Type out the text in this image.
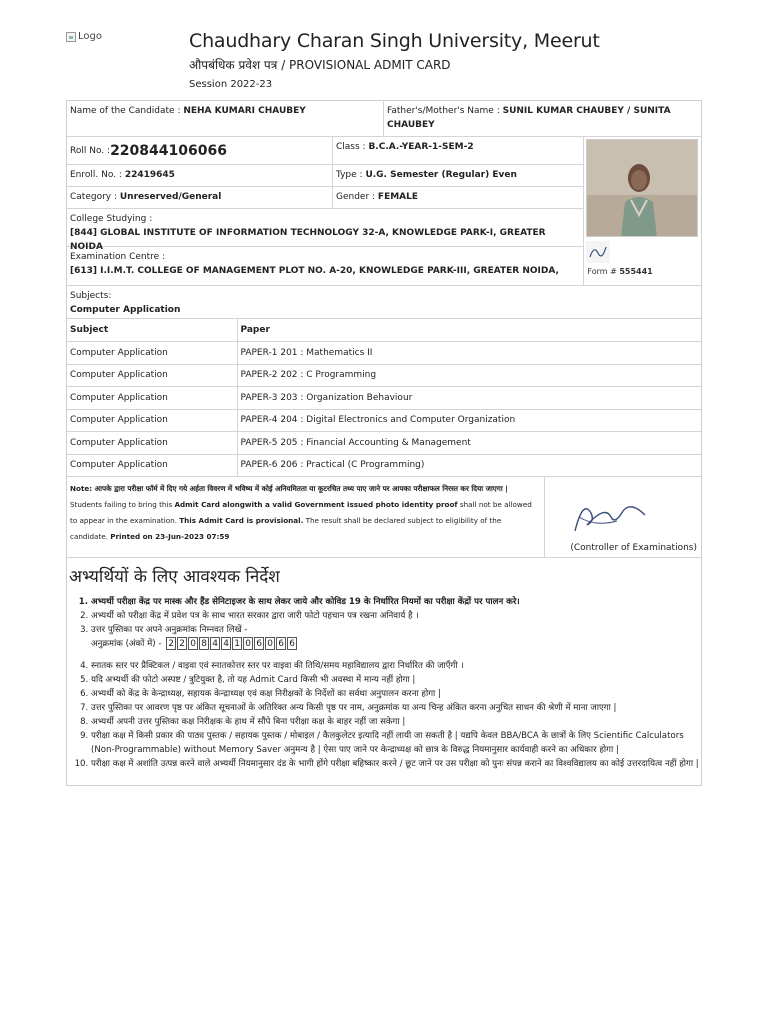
Logo	Chaudhary Charan Singh University, Meerut
औपबंधिक प्रवेश पत्र / PROVISIONAL ADMIT CARD
Session 2022-23
Name of the Candidate : NEHA KUMARI CHAUBEY	Father's/Mother's Name : SUNIL KUMAR CHAUBEY / SUNITA CHAUBEY
Roll No. : 220844106066	Class : B.C.A.-YEAR-1-SEM-2
Enroll. No. : 22419645	Type : U.G. Semester (Regular) Even
Category : Unreserved/General	Gender : FEMALE
College Studying :
[844] GLOBAL INSTITUTE OF INFORMATION TECHNOLOGY 32-A, KNOWLEDGE PARK-I, GREATER NOIDA
Examination Centre :
[613] I.I.M.T. COLLEGE OF MANAGEMENT PLOT NO. A-20, KNOWLEDGE PARK-III, GREATER NOIDA,	Form # 555441
Subjects:
Computer Application
Subject	Paper
Computer Application	PAPER-1 201 : Mathematics II
Computer Application	PAPER-2 202 : C Programming
Computer Application	PAPER-3 203 : Organization Behaviour
Computer Application	PAPER-4 204 : Digital Electronics and Computer Organization
Computer Application	PAPER-5 205 : Financial Accounting & Management
Computer Application	PAPER-6 206 : Practical (C Programming)
Note: आपके द्वारा परीक्षा फॉर्म में दिए गये अर्हता विवरण में भविष्य में कोई अनियमितता या कूटरचित तथ्य पाए जाने पर आपका परीक्षाफल निरस्त कर दिया जाएगा | Students failing to bring this Admit Card alongwith a valid Government issued photo identity proof shall not be allowed to appear in the examination. This Admit Card is provisional. The result shall be declared subject to eligibility of the candidate. Printed on 23-Jun-2023 07:59
(Controller of Examinations)
अभ्यर्थियों के लिए आवश्यक निर्देश
1. अभ्यर्थी परीक्षा केंद्र पर मास्क और हैंड सेनिटाइजर के साथ लेकर जाये और कोविड 19 के निर्धारित नियमों का परीक्षा केंद्रों पर पालन करे।
2. अभ्यर्थी को परीक्षा केंद्र में प्रवेश पत्र के साथ भारत सरकार द्वारा जारी फोटो पहचान पत्र रखना अनिवार्य है ।
3. उत्तर पुस्तिका पर अपने अनुक्रमांक निम्नवत लिखें -
अनुक्रमांक (अंकों में) - 2 2 0 8 4 4 1 0 6 0 6 6
4. स्नातक स्तर पर प्रैक्टिकल / वाइवा एवं स्नातकोत्तर स्तर पर वाइवा की तिथि/समय महाविद्यालय द्वारा निर्धारित की जाएँगी ।
5. यदि अभ्यर्थी की फोटो अस्पष्ट / त्रुटियुक्त है, तो यह Admit Card किसी भी अवस्था में मान्य नहीं होगा |
6. अभ्यर्थी को केंद्र के केन्द्राध्यक्ष, सहायक केन्द्राध्यक्ष एवं कक्ष निरीक्षकों के निर्देशों का सर्वथा अनुपालन करना होगा |
7. उत्तर पुस्तिका पर आवरण पृष्ठ पर अंकित सूचनाओं के अतिरिक्त अन्य किसी पृष्ठ पर नाम, अनुक्रमांक या अन्य चिन्ह अंकित करना अनुचित साधन की श्रेणी में माना जाएगा |
8. अभ्यर्थी अपनी उत्तर पुस्तिका कक्ष निरीक्षक के हाथ में सौंपे बिना परीक्षा कक्ष के बाहर नहीं जा सकेगा |
9. परीक्षा कक्ष में किसी प्रकार की पाठ्य पुस्तक / सहायक पुस्तक / मोबाइल / कैलकुलेटर इत्यादि नहीं लायी जा सकती है | यद्यपि केवल BBA/BCA के छात्रों के लिए Scientific Calculators (Non-Programmable) without Memory Saver अनुमन्य है | ऐसा पाए जाने पर केन्द्राध्यक्ष को छात्र के विरुद्ध नियमानुसार कार्यवाही करने का अधिकार होगा |
10. परीक्षा कक्ष में अशांति उत्पन्न करने वाले अभ्यर्थी नियमानुसार दंड के भागी होंगे परीक्षा बहिष्कार करने / छूट जाने पर उस परीक्षा को पुनः संपन्न कराने का विश्वविद्यालय का कोई उत्तरदायित्व नहीं होगा |
